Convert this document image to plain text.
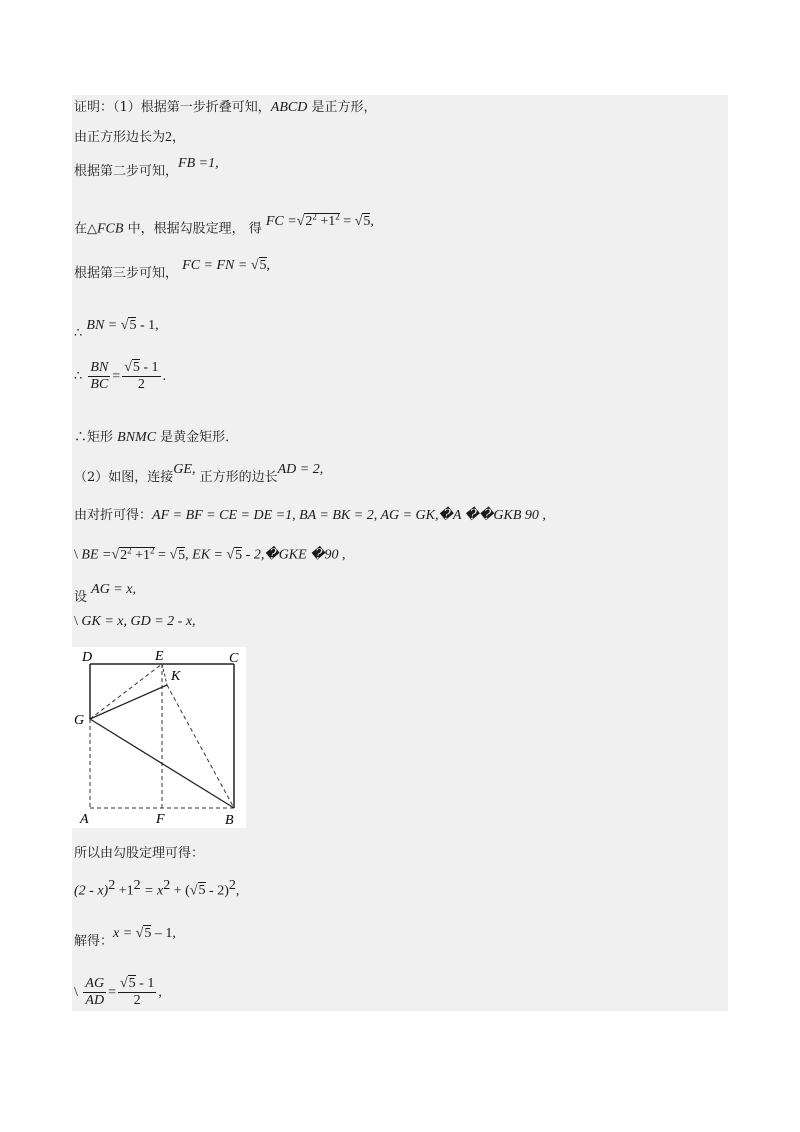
证明：（1）根据第一步折叠可知，ABCD 是正方形，
由正方形边长为2，
根据第二步可知，FB =1,
在△FCB 中，根据勾股定理， 得 FC $=√2^2 +1^2 = √5$,
根据第三步可知， FC = FN = √5,
∴ BN = √5 - 1,
∴ $\frac{BN}{BC} = \frac{√5 - 1}{2}$ .
∴矩形 BNMC 是黄金矩形．
（2）如图，连接GE, 正方形的边长AD = 2,
由对折可得：AF = BF = CE = DE =1, BA = BK = 2, AG = GK,�A ��GKB 90 ,
\ BE $=√2^2 +1^2 = √5$, EK = √5 - 2,�GKE �90 ,
设 AG = x,
\ GK = x, GD = 2 - x,
D	E	C
K
G
A	F	B
所以由勾股定理可得：
$(2 - x)^2 +1^2 = x^2 + (√5 - 2)^2$,
解得：x = √5 – 1,
\ $\frac{AG}{AD} = \frac{√5 - 1}{2}$ ,
